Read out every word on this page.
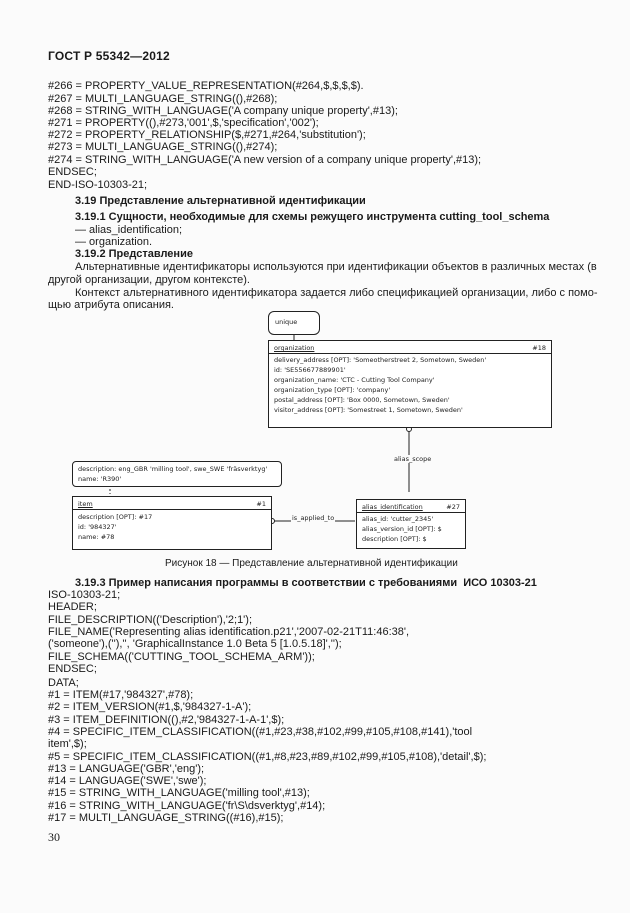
ГОСТ Р 55342—2012
#266 = PROPERTY_VALUE_REPRESENTATION(#264,$,$,$,$).
#267 = MULTI_LANGUAGE_STRING((),#268);
#268 = STRING_WITH_LANGUAGE('A company unique property',#13);
#271 = PROPERTY((),#273,'001',$,'specification','002');
#272 = PROPERTY_RELATIONSHIP($,#271,#264,'substitution');
#273 = MULTI_LANGUAGE_STRING((),#274);
#274 = STRING_WITH_LANGUAGE('A new version of a company unique property',#13);
ENDSEC;
END-ISO-10303-21;
3.19 Представление альтернативной идентификации
3.19.1 Сущности, необходимые для схемы режущего инструмента cutting_tool_schema
— alias_identification;
— organization.
3.19.2 Представление
Альтернативные идентификаторы используются при идентификации объектов в различных местах (в
другой организации, другом контексте).
Контекст альтернативного идентификатора задается либо спецификацией организации, либо с помо-
щью атрибута описания.
unique
organization	#18
delivery_address [OPT]: 'Someotherstreet 2, Sometown, Sweden'
id: 'SE556677889901'
organization_name: 'CTC - Cutting Tool Company'
organization_type [OPT]: 'company'
postal_address [OPT]: 'Box 0000, Sometown, Sweden'
visitor_address [OPT]: 'Somestreet 1, Sometown, Sweden'
alias_scope
description: eng_GBR 'milling tool', swe_SWE 'fräsverktyg'
name: 'R390'
item	#1
description [OPT]: #17
id: '984327'
name: #78
is_applied_to
alias_identification	#27
alias_id: 'cutter_2345'
alias_version_id [OPT]: $
description [OPT]: $
Рисунок 18 — Представление альтернативной идентификации
3.19.3 Пример написания программы в соответствии с требованиями  ИСО 10303-21
ISO-10303-21;
HEADER;
FILE_DESCRIPTION(('Description'),'2;1');
FILE_NAME('Representing alias identification.p21','2007-02-21T11:46:38',
('someone'),(''),'', 'GraphicalInstance 1.0 Beta 5 [1.0.5.18]','');
FILE_SCHEMA(('CUTTING_TOOL_SCHEMA_ARM'));
ENDSEC;
DATA;
#1 = ITEM(#17,'984327',#78);
#2 = ITEM_VERSION(#1,$,'984327-1-A');
#3 = ITEM_DEFINITION((),#2,'984327-1-A-1',$);
#4 = SPECIFIC_ITEM_CLASSIFICATION((#1,#23,#38,#102,#99,#105,#108,#141),'tool
item',$);
#5 = SPECIFIC_ITEM_CLASSIFICATION((#1,#8,#23,#89,#102,#99,#105,#108),'detail',$);
#13 = LANGUAGE('GBR','eng');
#14 = LANGUAGE('SWE','swe');
#15 = STRING_WITH_LANGUAGE('milling tool',#13);
#16 = STRING_WITH_LANGUAGE('fr\S\dsverktyg',#14);
#17 = MULTI_LANGUAGE_STRING((#16),#15);
30
